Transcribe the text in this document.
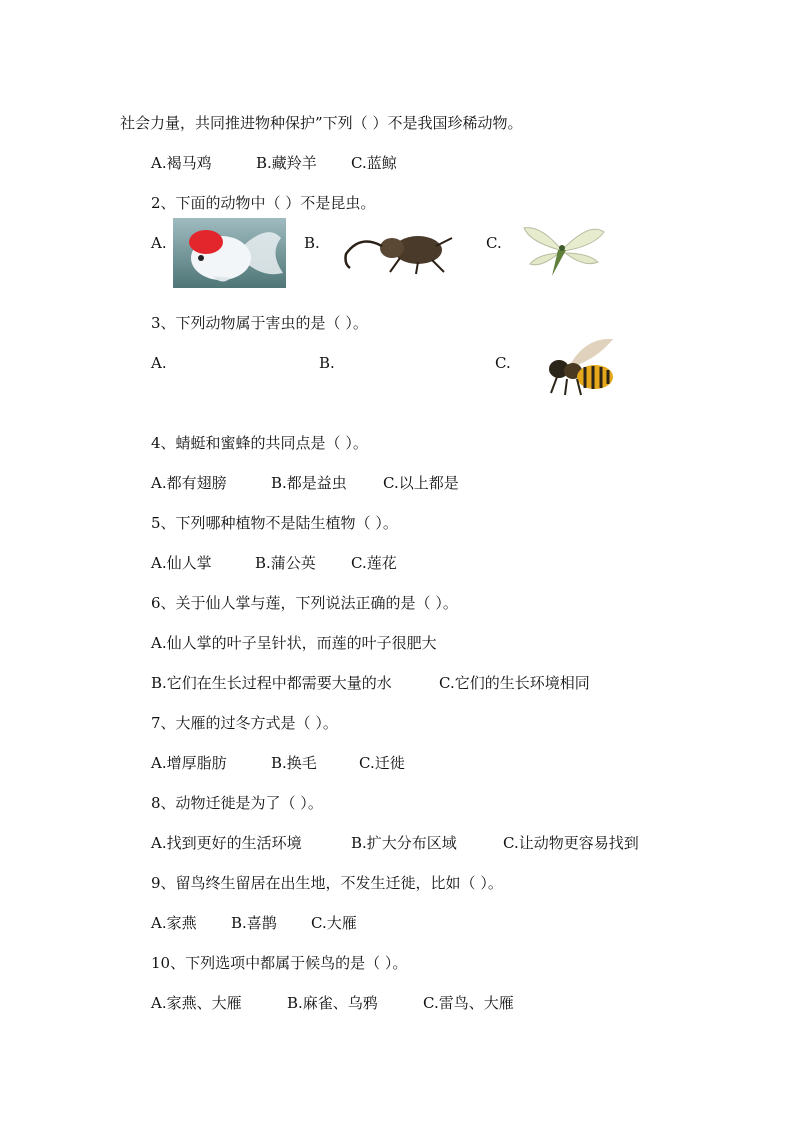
社会力量，共同推进物种保护”下列（ ）不是我国珍稀动物。
A.褐马鸡	B.藏羚羊 C.蓝鲸
2、下面的动物中（ ）不是昆虫。
A.	B.	C.
3、下列动物属于害虫的是（ ）。
A.	B.	C.
4、蜻蜓和蜜蜂的共同点是（ ）。
A.都有翅膀	B.都是益虫 C.以上都是
5、下列哪种植物不是陆生植物（ ）。
A.仙人掌	B.蒲公英 C.莲花
6、关于仙人掌与莲，下列说法正确的是（ ）。
A.仙人掌的叶子呈针状，而莲的叶子很肥大
B.它们在生长过程中都需要大量的水	C.它们的生长环境相同
7、大雁的过冬方式是（ ）。
A.增厚脂肪	B.换毛	C.迁徙
8、动物迁徙是为了（ ）。
A.找到更好的生活环境	B.扩大分布区域	C.让动物更容易找到
9、留鸟终生留居在出生地，不发生迁徙，比如（ ）。
A.家燕 B.喜鹊 C.大雁
10、下列选项中都属于候鸟的是（ ）。
A.家燕、大雁	B.麻雀、乌鸦	C.雷鸟、大雁
